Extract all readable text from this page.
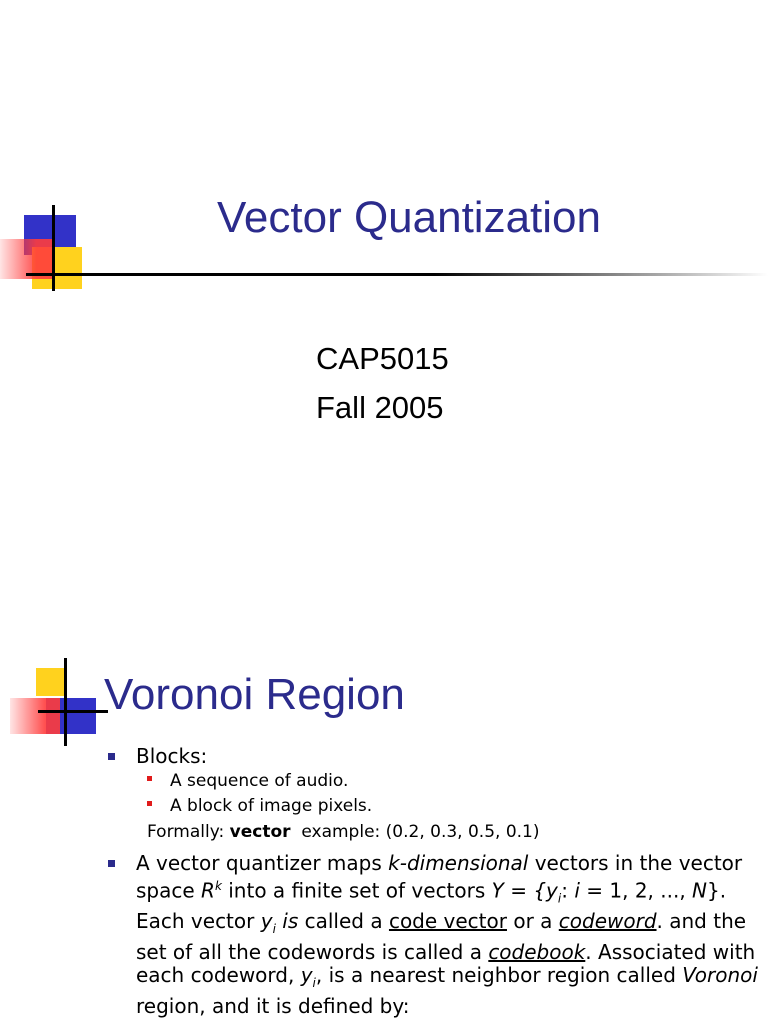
Vector Quantization
CAP5015
Fall 2005
Voronoi Region
Blocks:
A sequence of audio.
A block of image pixels.
Formally: vector  example: (0.2, 0.3, 0.5, 0.1)
A vector quantizer maps k-dimensional vectors in the vector space $R^k$ into a finite set of vectors $Y = \{y_i$: i = 1, 2, ..., N}. Each vector $y_i$ is called a code vector or a codeword. and the set of all the codewords is called a codebook. Associated with each codeword, $y_i$, is a nearest neighbor region called Voronoi region, and it is defined by:
